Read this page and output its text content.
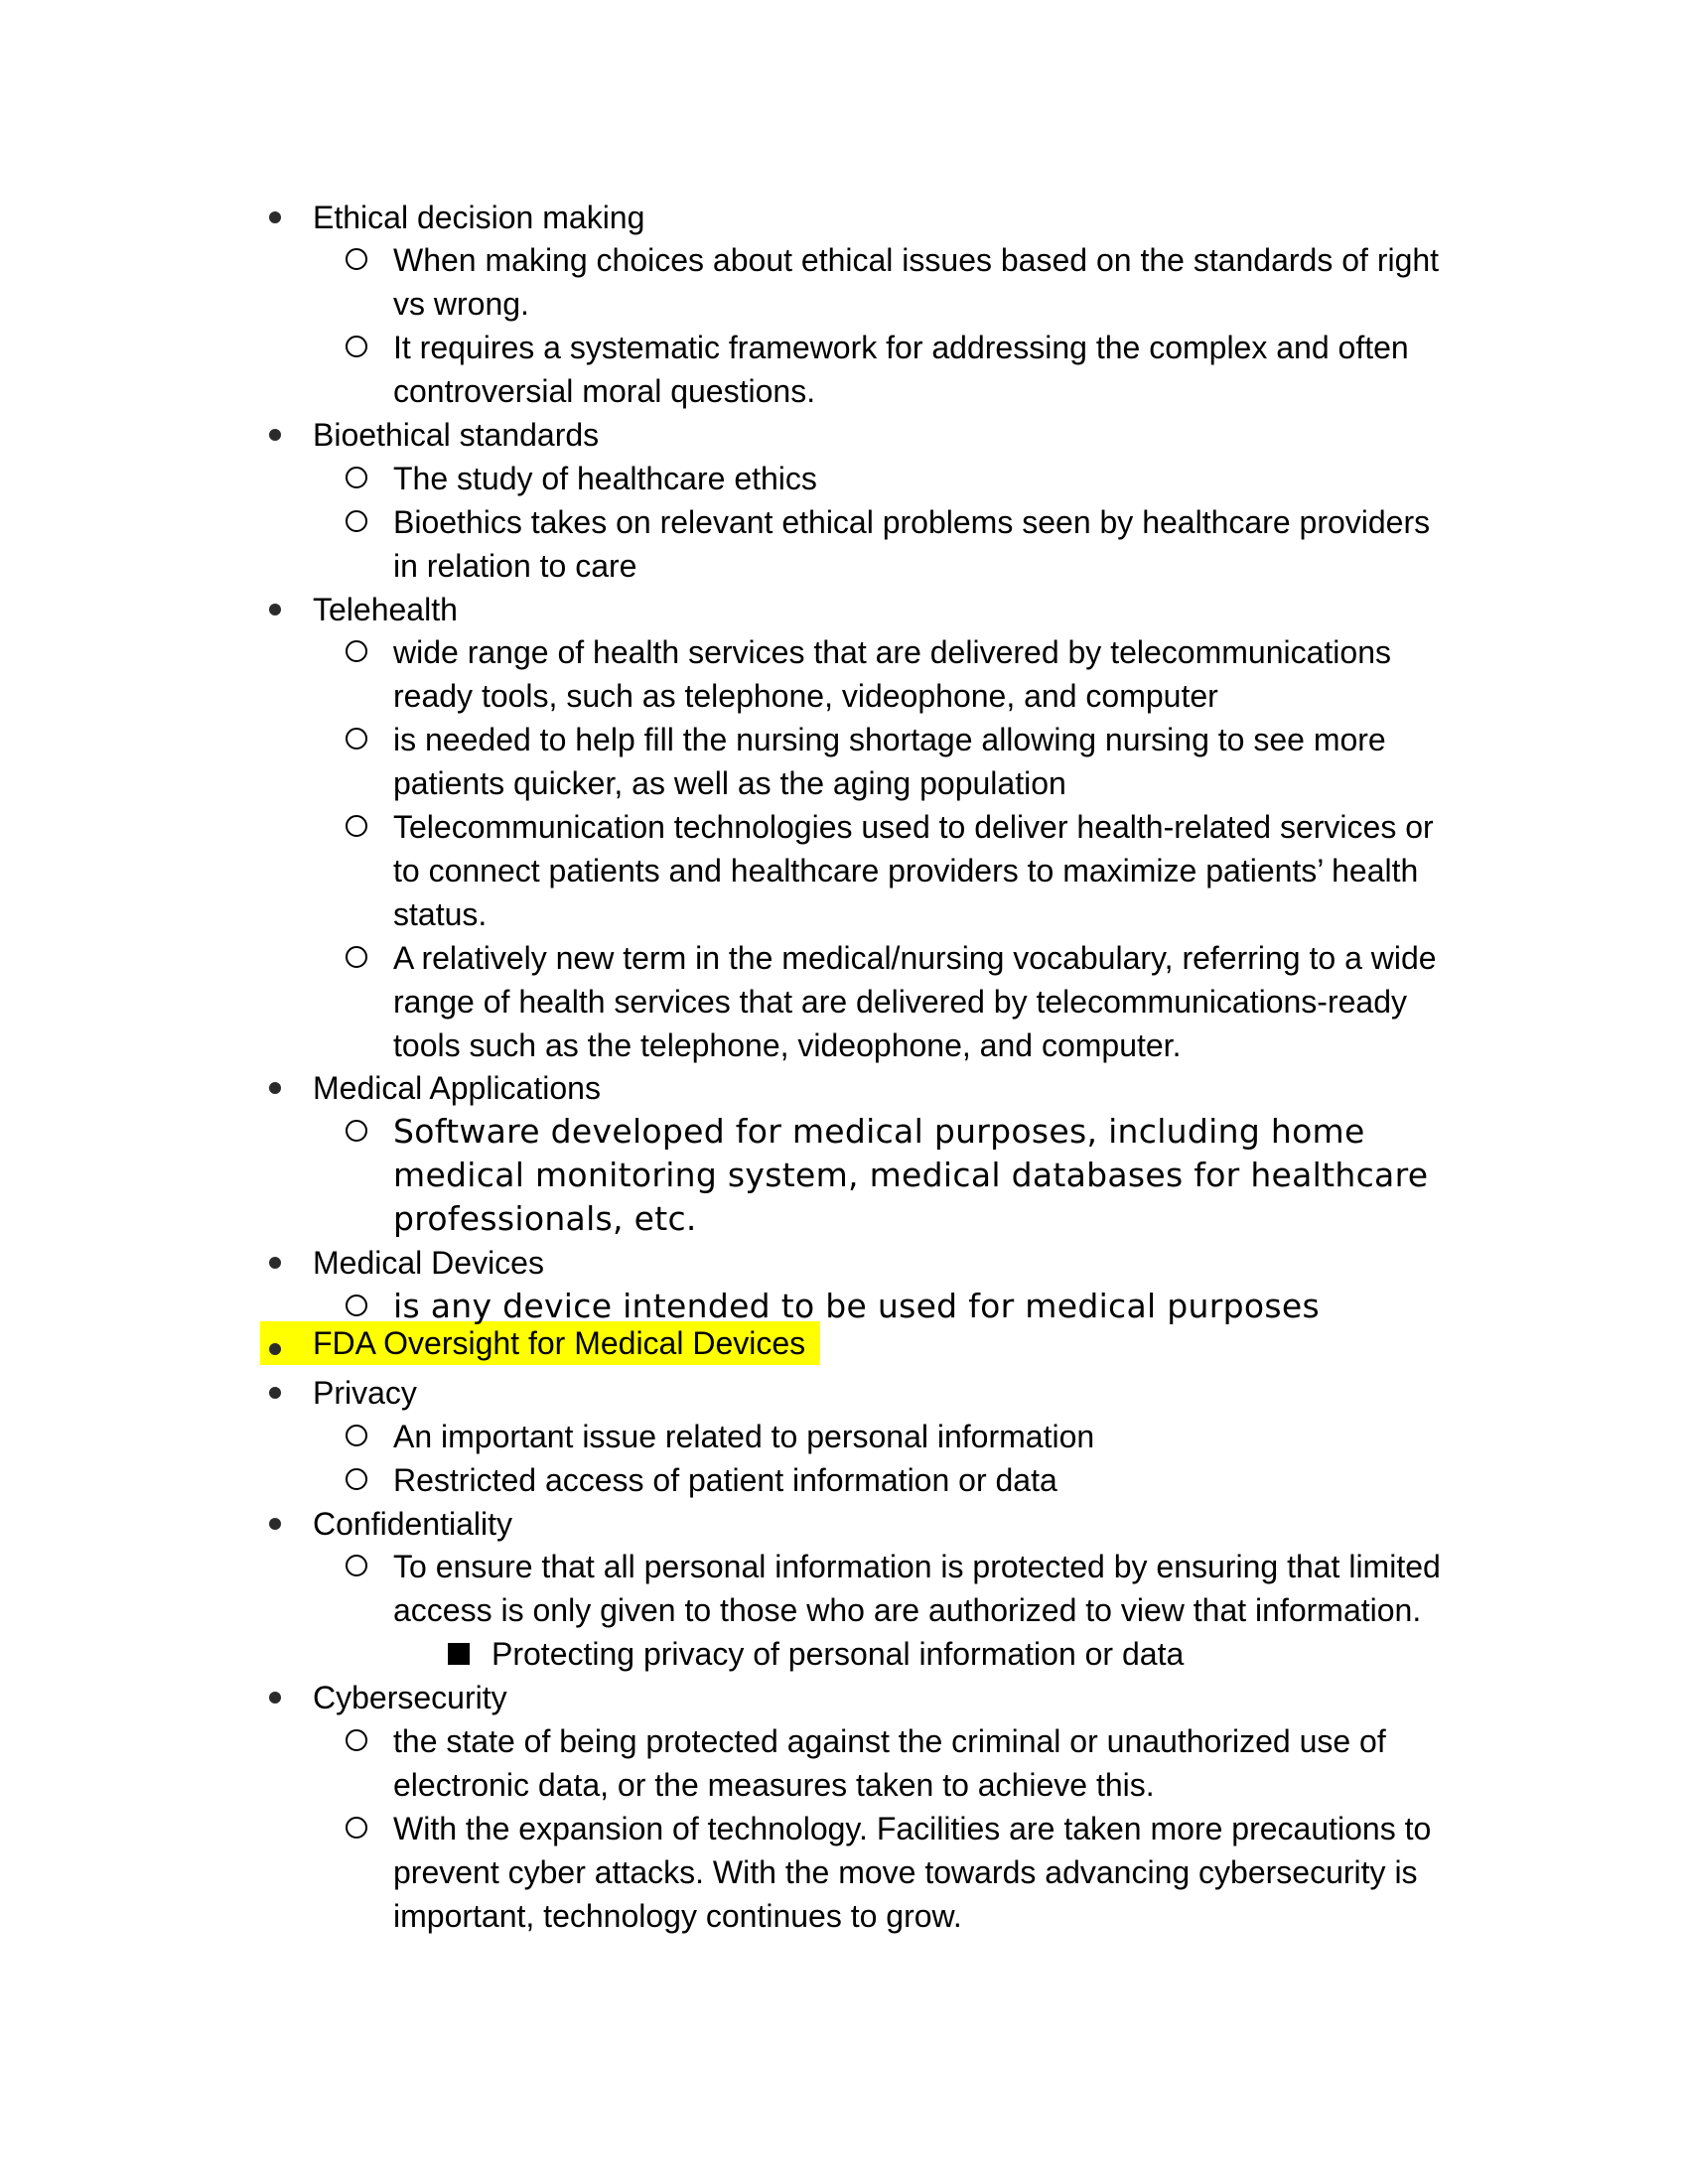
Ethical decision making
When making choices about ethical issues based on the standards of right
vs wrong.
It requires a systematic framework for addressing the complex and often
controversial moral questions.
Bioethical standards
The study of healthcare ethics
Bioethics takes on relevant ethical problems seen by healthcare providers
in relation to care
Telehealth
wide range of health services that are delivered by telecommunications
ready tools, such as telephone, videophone, and computer
is needed to help fill the nursing shortage allowing nursing to see more
patients quicker, as well as the aging population
Telecommunication technologies used to deliver health-related services or
to connect patients and healthcare providers to maximize patients’ health
status.
A relatively new term in the medical/nursing vocabulary, referring to a wide
range of health services that are delivered by telecommunications-ready
tools such as the telephone, videophone, and computer.
Medical Applications
Software developed for medical purposes, including home
medical monitoring system, medical databases for healthcare
professionals, etc.
Medical Devices
is any device intended to be used for medical purposes
FDA Oversight for Medical Devices
Privacy
An important issue related to personal information
Restricted access of patient information or data
Confidentiality
To ensure that all personal information is protected by ensuring that limited
access is only given to those who are authorized to view that information.
Protecting privacy of personal information or data
Cybersecurity
the state of being protected against the criminal or unauthorized use of
electronic data, or the measures taken to achieve this.
With the expansion of technology. Facilities are taken more precautions to
prevent cyber attacks. With the move towards advancing cybersecurity is
important, technology continues to grow.
